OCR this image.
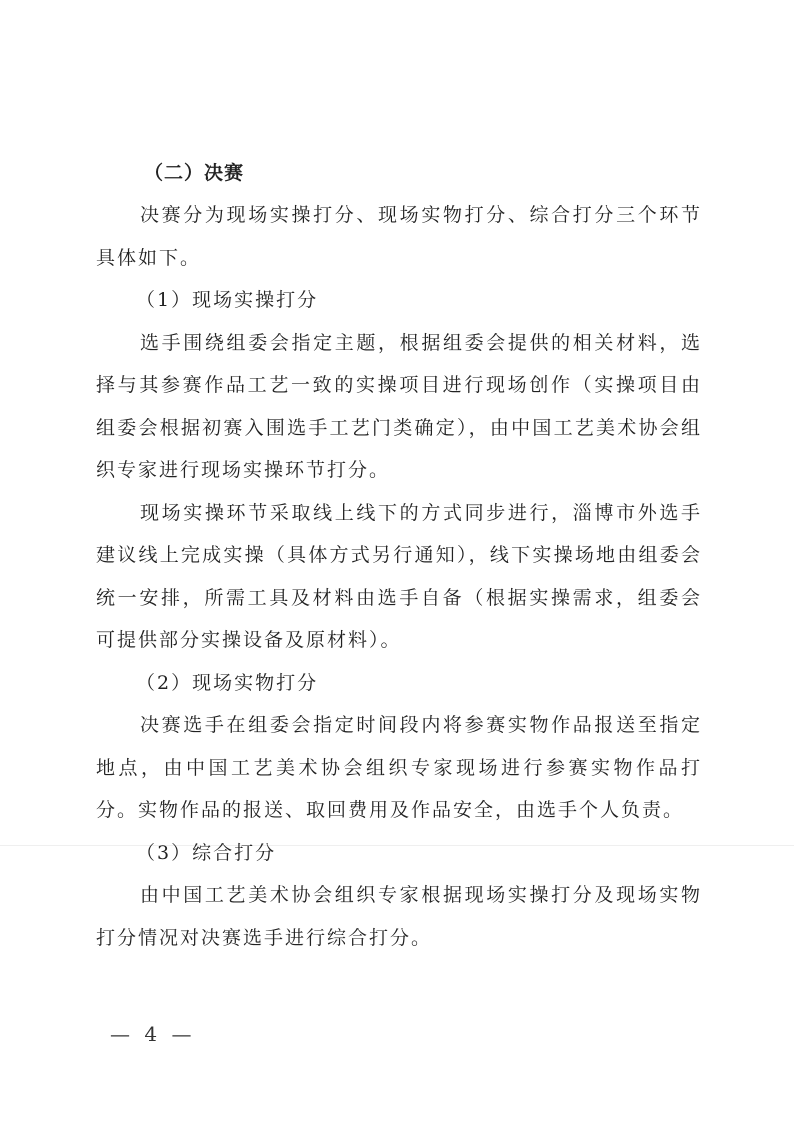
（二）决赛

决赛分为现场实操打分、现场实物打分、综合打分三个环节具体如下。

（1）现场实操打分

选手围绕组委会指定主题，根据组委会提供的相关材料，选择与其参赛作品工艺一致的实操项目进行现场创作（实操项目由组委会根据初赛入围选手工艺门类确定），由中国工艺美术协会组织专家进行现场实操环节打分。

现场实操环节采取线上线下的方式同步进行，淄博市外选手建议线上完成实操（具体方式另行通知），线下实操场地由组委会统一安排，所需工具及材料由选手自备（根据实操需求，组委会可提供部分实操设备及原材料）。

（2）现场实物打分

决赛选手在组委会指定时间段内将参赛实物作品报送至指定地点，由中国工艺美术协会组织专家现场进行参赛实物作品打分。实物作品的报送、取回费用及作品安全，由选手个人负责。

（3）综合打分

由中国工艺美术协会组织专家根据现场实操打分及现场实物打分情况对决赛选手进行综合打分。

— 4 —
